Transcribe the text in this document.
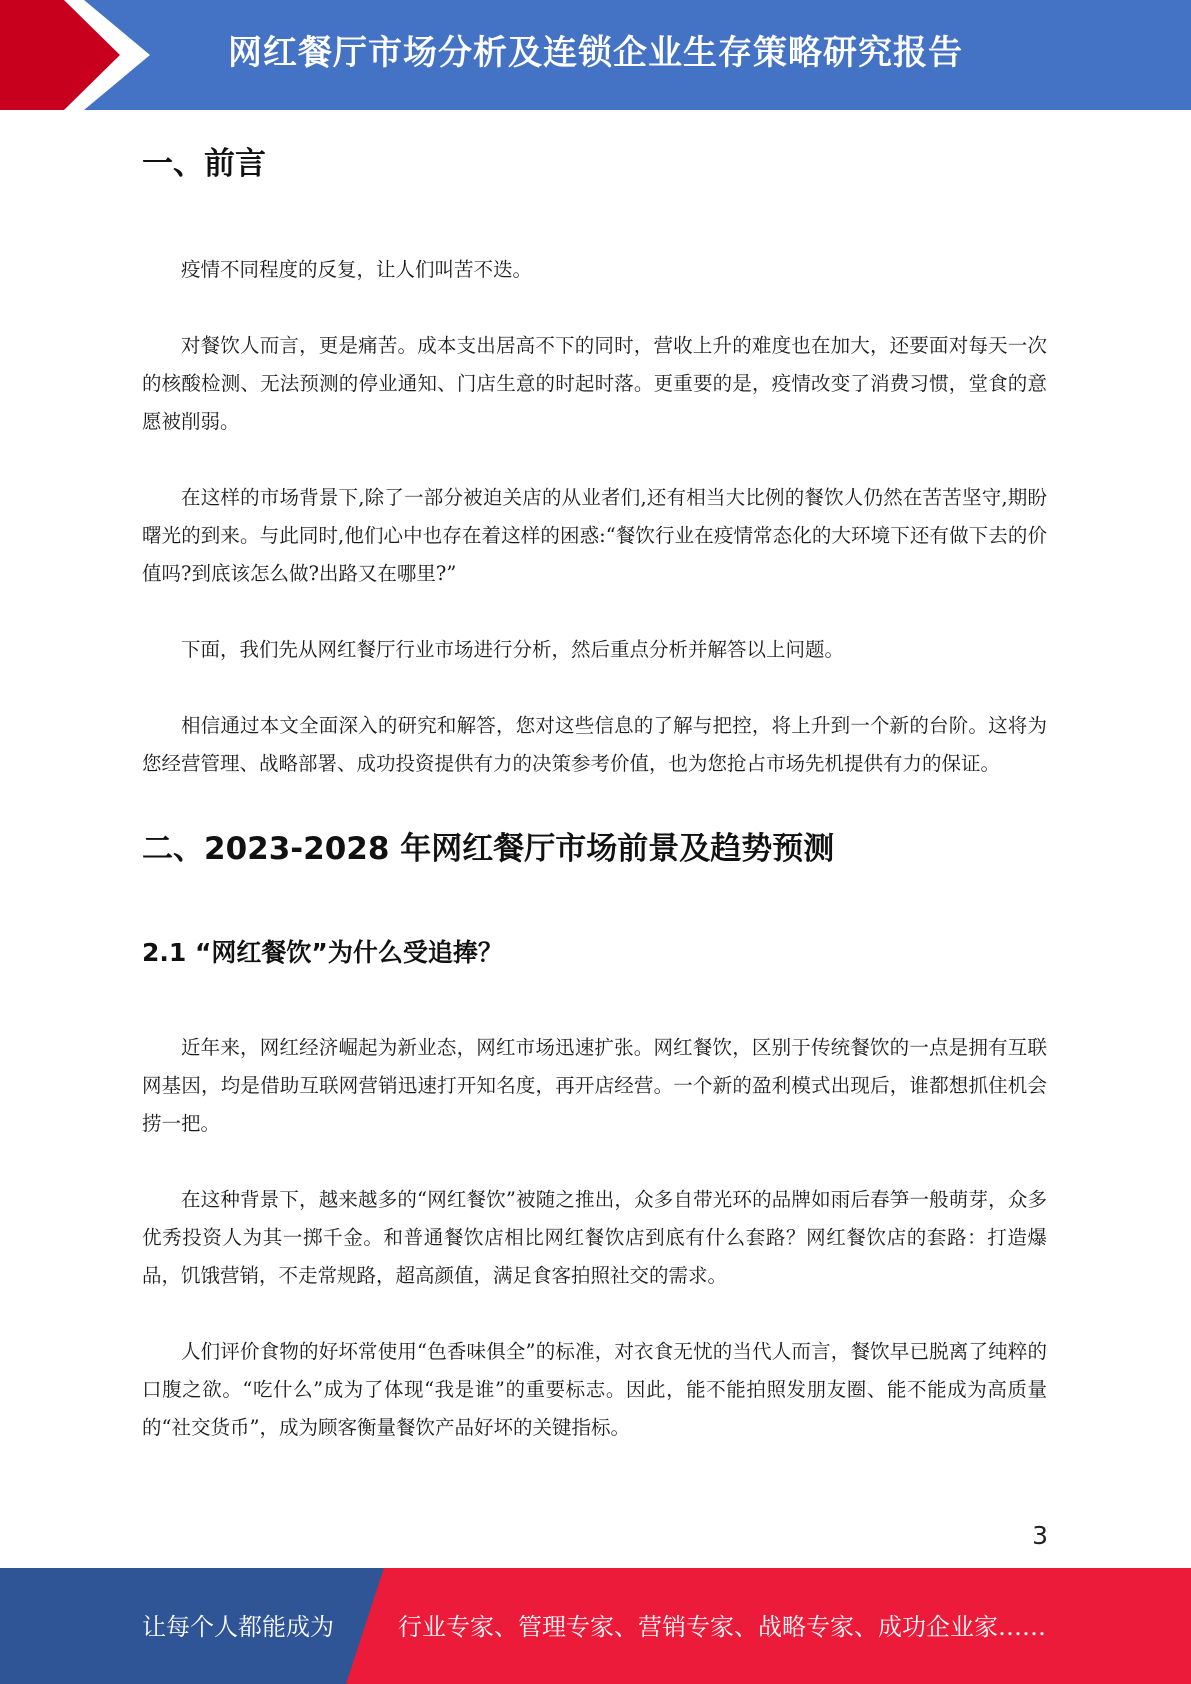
网红餐厅市场分析及连锁企业生存策略研究报告
一、前言

疫情不同程度的反复，让人们叫苦不迭。

对餐饮人而言，更是痛苦。成本支出居高不下的同时，营收上升的难度也在加大，还要面对每天一次的核酸检测、无法预测的停业通知、门店生意的时起时落。更重要的是，疫情改变了消费习惯，堂食的意愿被削弱。

在这样的市场背景下,除了一部分被迫关店的从业者们,还有相当大比例的餐饮人仍然在苦苦坚守,期盼曙光的到来。与此同时,他们心中也存在着这样的困惑:“餐饮行业在疫情常态化的大环境下还有做下去的价值吗?到底该怎么做?出路又在哪里?”

下面，我们先从网红餐厅行业市场进行分析，然后重点分析并解答以上问题。

相信通过本文全面深入的研究和解答，您对这些信息的了解与把控，将上升到一个新的台阶。这将为您经营管理、战略部署、成功投资提供有力的决策参考价值，也为您抢占市场先机提供有力的保证。

二、2023-2028 年网红餐厅市场前景及趋势预测
2.1 “网红餐饮”为什么受追捧？

近年来，网红经济崛起为新业态，网红市场迅速扩张。网红餐饮，区别于传统餐饮的一点是拥有互联网基因，均是借助互联网营销迅速打开知名度，再开店经营。一个新的盈利模式出现后，谁都想抓住机会捞一把。

在这种背景下，越来越多的“网红餐饮”被随之推出，众多自带光环的品牌如雨后春笋一般萌芽，众多优秀投资人为其一掷千金。和普通餐饮店相比网红餐饮店到底有什么套路？网红餐饮店的套路：打造爆品，饥饿营销，不走常规路，超高颜值，满足食客拍照社交的需求。

人们评价食物的好坏常使用“色香味俱全”的标准，对衣食无忧的当代人而言，餐饮早已脱离了纯粹的口腹之欲。“吃什么”成为了体现“我是谁”的重要标志。因此，能不能拍照发朋友圈、能不能成为高质量的“社交货币”，成为顾客衡量餐饮产品好坏的关键指标。

3
让每个人都能成为	行业专家、管理专家、营销专家、战略专家、成功企业家……
